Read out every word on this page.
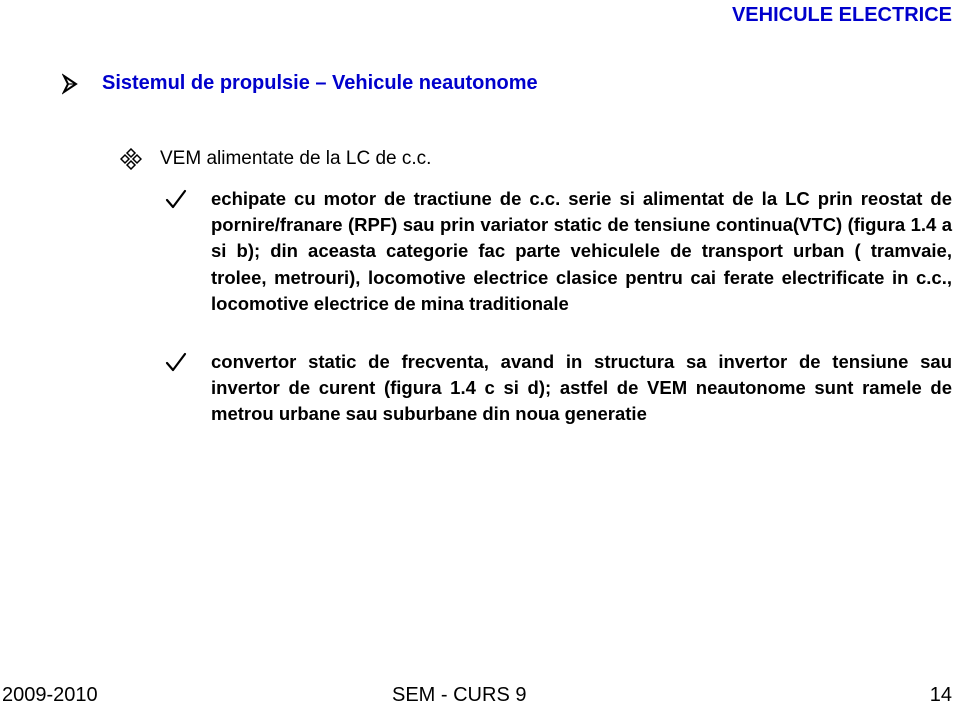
VEHICULE ELECTRICE
Sistemul de propulsie – Vehicule neautonome
VEM alimentate de la LC de c.c.
echipate cu motor de tractiune de c.c. serie si alimentat de la LC prin reostat de pornire/franare (RPF) sau prin variator static de tensiune continua(VTC) (figura 1.4 a si b); din aceasta categorie fac parte vehiculele de transport urban ( tramvaie, trolee, metrouri), locomotive electrice clasice pentru cai ferate electrificate in c.c., locomotive electrice de mina traditionale
convertor static de frecventa, avand in structura sa invertor de tensiune sau invertor de curent (figura 1.4 c si d); astfel de VEM neautonome sunt ramele de metrou urbane sau suburbane din noua generatie
2009-2010	SEM - CURS 9	14
